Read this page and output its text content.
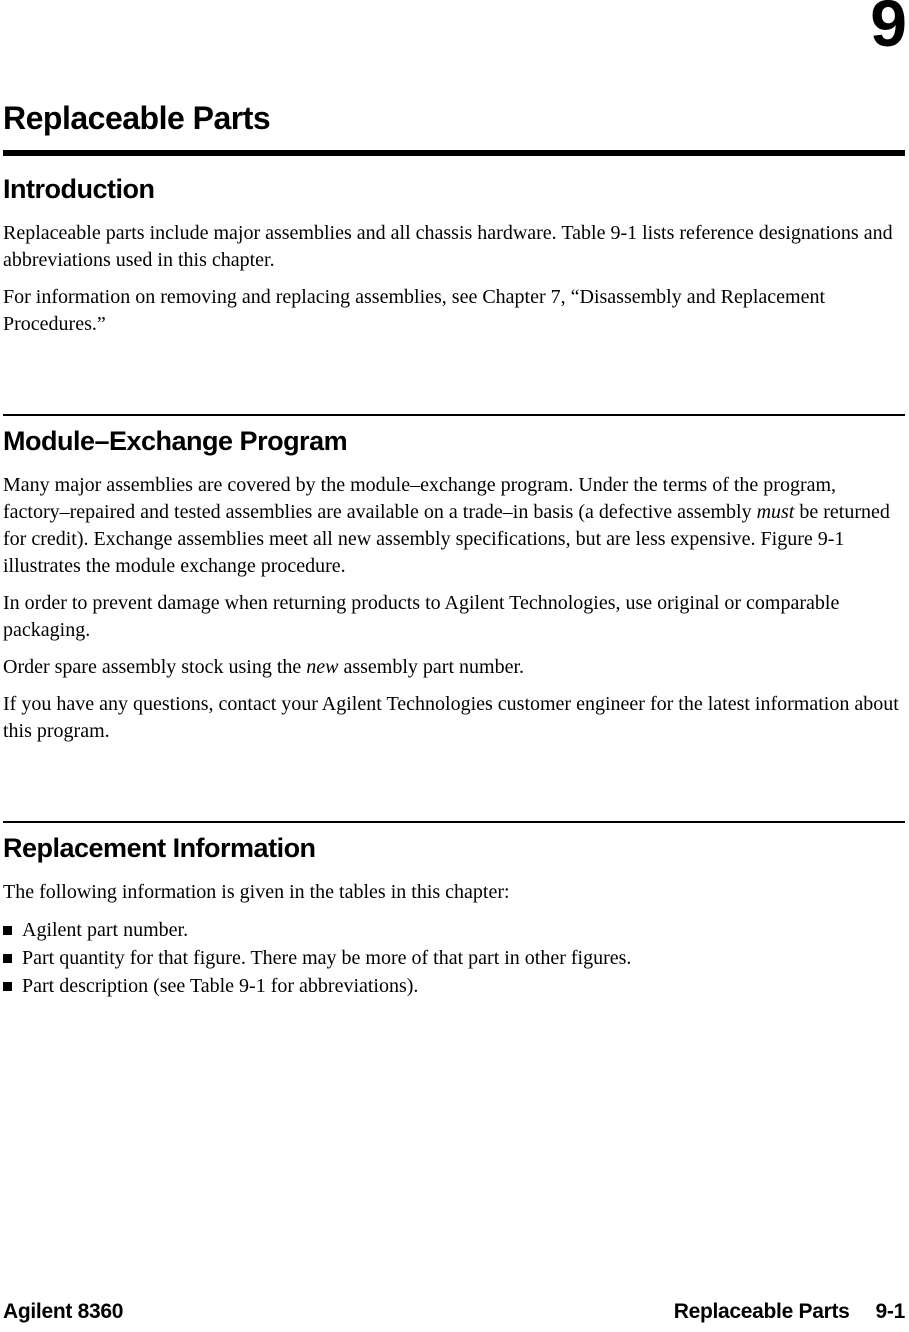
9
Replaceable Parts
Introduction

Replaceable parts include major assemblies and all chassis hardware. Table 9-1 lists reference designations and abbreviations used in this chapter.

For information on removing and replacing assemblies, see Chapter 7, “Disassembly and Replacement Procedures.”

Module–Exchange Program

Many major assemblies are covered by the module–exchange program. Under the terms of the program, factory–repaired and tested assemblies are available on a trade–in basis (a defective assembly must be returned for credit). Exchange assemblies meet all new assembly specifications, but are less expensive. Figure 9-1 illustrates the module exchange procedure.

In order to prevent damage when returning products to Agilent Technologies, use original or comparable packaging.

Order spare assembly stock using the new assembly part number.

If you have any questions, contact your Agilent Technologies customer engineer for the latest information about this program.

Replacement Information

The following information is given in the tables in this chapter:

Agilent part number.
Part quantity for that figure. There may be more of that part in other figures.
Part description (see Table 9-1 for abbreviations).
Agilent 8360	Replaceable Parts 9-1
